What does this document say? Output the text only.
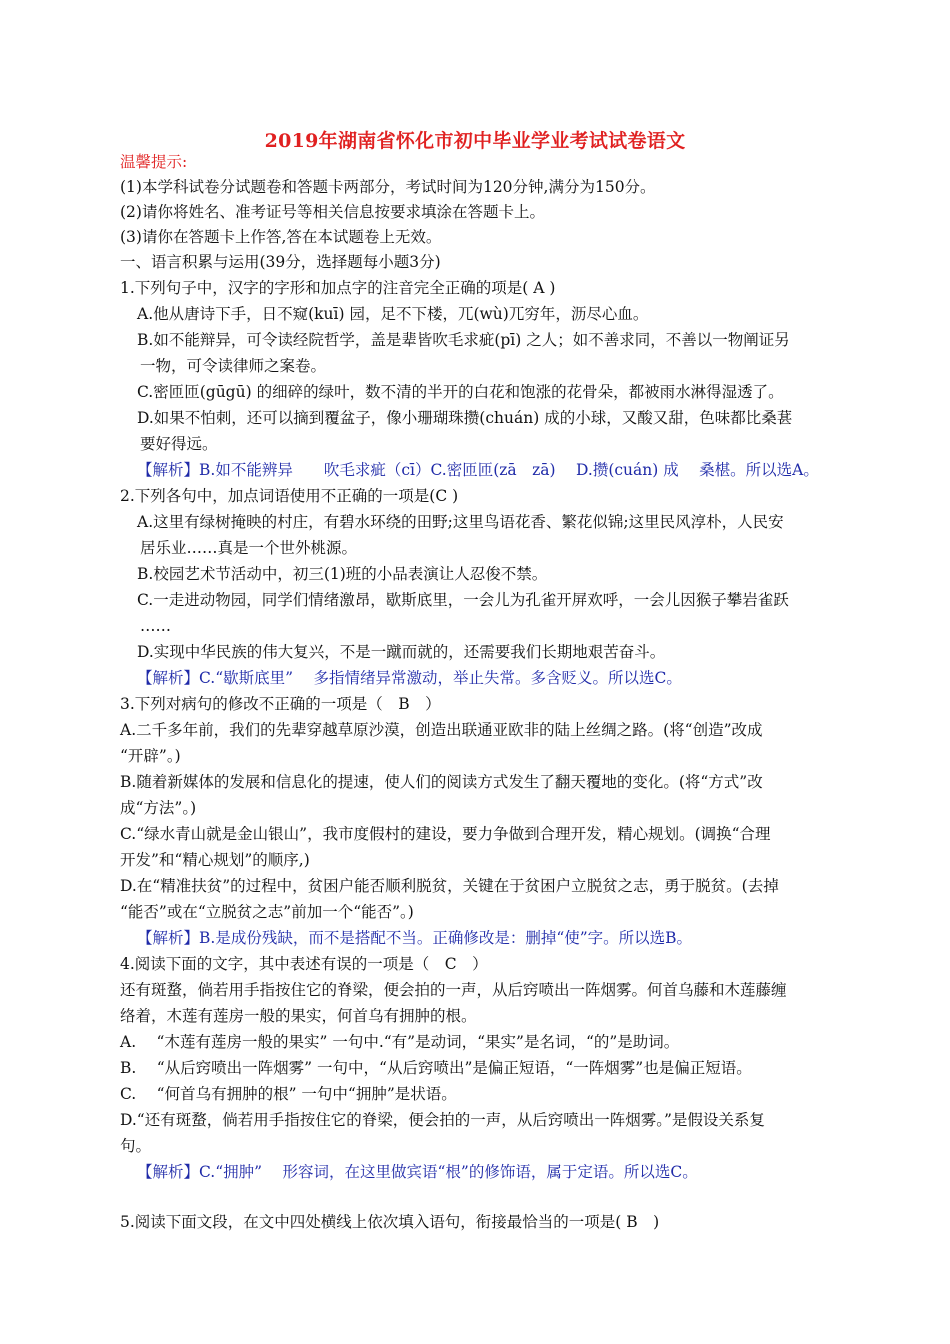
2019年湖南省怀化市初中毕业学业考试试卷语文
温馨提示:
(1)本学科试卷分试题卷和答题卡两部分，考试时间为120分钟,满分为150分。
(2)请你将姓名、准考证号等相关信息按要求填涂在答题卡上。
(3)请你在答题卡上作答,答在本试题卷上无效。
一、语言积累与运用(39分，选择题每小题3分)
1.下列句子中，汉字的字形和加点字的注音完全正确的项是( A )
A.他从唐诗下手，日不窥(kuī) 园，足不下楼，兀(wù)兀穷年，沥尽心血。
B.如不能辩异，可令读经院哲学，盖是辈皆吹毛求疵(pī) 之人；如不善求同，不善以一物阐证另
一物，可令读律师之案卷。
C.密匝匝(gūgū) 的细碎的绿叶，数不清的半开的白花和饱涨的花骨朵，都被雨水淋得湿透了。
D.如果不怕刺，还可以摘到覆盆子，像小珊瑚珠攒(chuán) 成的小球，又酸又甜，色味都比桑葚
要好得远。
【解析】B.如不能辨异　　吹毛求疵（cī）C.密匝匝(zā　zā)　 D.攒(cuán) 成　 桑椹。所以选A。
2.下列各句中，加点词语使用不正确的一项是(C )
A.这里有绿树掩映的村庄，有碧水环绕的田野;这里鸟语花香、繁花似锦;这里民风淳朴，人民安
居乐业……真是一个世外桃源。
B.校园艺术节活动中，初三(1)班的小品表演让人忍俊不禁。
C.一走进动物园，同学们情绪激昂，歇斯底里，一会儿为孔雀开屏欢呼，一会儿因猴子攀岩雀跃
……
D.实现中华民族的伟大复兴，不是一蹴而就的，还需要我们长期地艰苦奋斗。
【解析】C.“歇斯底里”　 多指情绪异常激动，举止失常。多含贬义。所以选C。
3.下列对病句的修改不正确的一项是（　B　）
A.二千多年前，我们的先辈穿越草原沙漠，创造出联通亚欧非的陆上丝绸之路。(将“创造”改成
“开辟”。)
B.随着新媒体的发展和信息化的提速，使人们的阅读方式发生了翻天覆地的变化。(将“方式”改
成“方法”。)
C.“绿水青山就是金山银山”，我市度假村的建设，要力争做到合理开发，精心规划。(调换“合理
开发”和“精心规划”的顺序,)
D.在“精准扶贫”的过程中，贫困户能否顺利脱贫，关键在于贫困户立脱贫之志，勇于脱贫。(去掉
“能否”或在“立脱贫之志”前加一个“能否”。)
【解析】B.是成份残缺，而不是搭配不当。正确修改是：删掉“使”字。所以选B。
4.阅读下面的文字，其中表述有误的一项是（　C　）
还有斑蝥，倘若用手指按住它的脊梁，便会拍的一声，从后窍喷出一阵烟雾。何首乌藤和木莲藤缠
络着，木莲有莲房一般的果实，何首乌有拥肿的根。
A.　 “木莲有莲房一般的果实” 一句中.“有”是动词，“果实”是名词，“的”是助词。
B.　 “从后窍喷出一阵烟雾” 一句中，“从后窍喷出”是偏正短语，“一阵烟雾”也是偏正短语。
C.　 “何首乌有拥肿的根” 一句中“拥肿”是状语。
D.“还有斑蝥，倘若用手指按住它的脊梁，便会拍的一声，从后窍喷出一阵烟雾。”是假设关系复
句。
【解析】C.“拥肿”　 形容词，在这里做宾语“根”的修饰语，属于定语。所以选C。
5.阅读下面文段，在文中四处横线上依次填入语句，衔接最恰当的一项是( B　)
